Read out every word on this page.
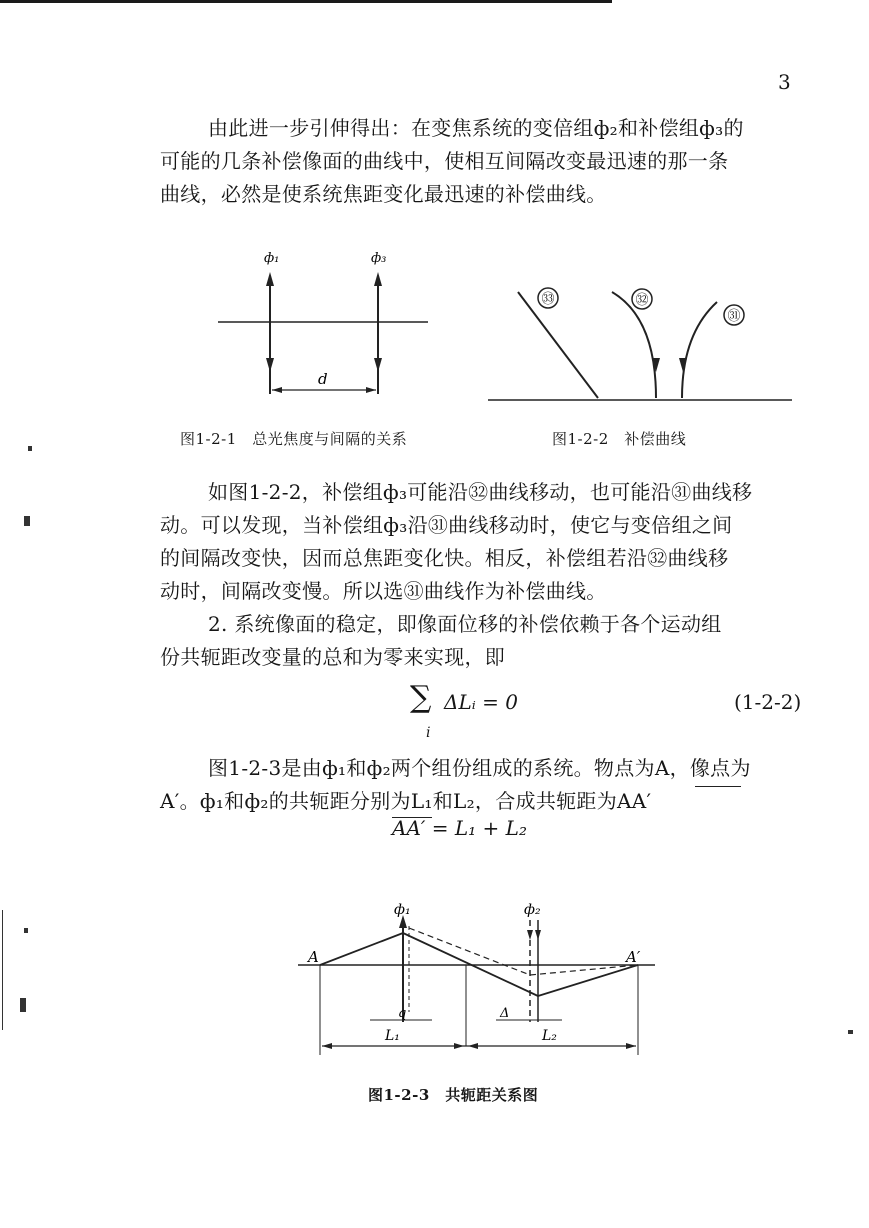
3
由此进一步引伸得出：在变焦系统的变倍组ф₂和补偿组ф₃的
可能的几条补偿像面的曲线中，使相互间隔改变最迅速的那一条
曲线，必然是使系统焦距变化最迅速的补偿曲线。
ф₁	ф₃
d
㉝	㉜
㉛
图1-2-1　总光焦度与间隔的关系	图1-2-2　补偿曲线
如图1-2-2，补偿组ф₃可能沿㉜曲线移动，也可能沿㉛曲线移
动。可以发现，当补偿组ф₃沿㉛曲线移动时，使它与变倍组之间
的间隔改变快，因而总焦距变化快。相反，补偿组若沿㉜曲线移
动时，间隔改变慢。所以选㉛曲线作为补偿曲线。
2. 系统像面的稳定，即像面位移的补偿依赖于各个运动组
份共轭距改变量的总和为零来实现，即
∑
i
ΔLᵢ = 0	(1-2-2)
图1-2-3是由ф₁和ф₂两个组份组成的系统。物点为A，像点为
A′。ф₁和ф₂的共轭距分别为L₁和L₂，合成共轭距为AA′
AA′ = L₁ + L₂
ф₁	ф₂
A	A′
q	Δ
L₁	L₂
图1-2-3　共轭距关系图
